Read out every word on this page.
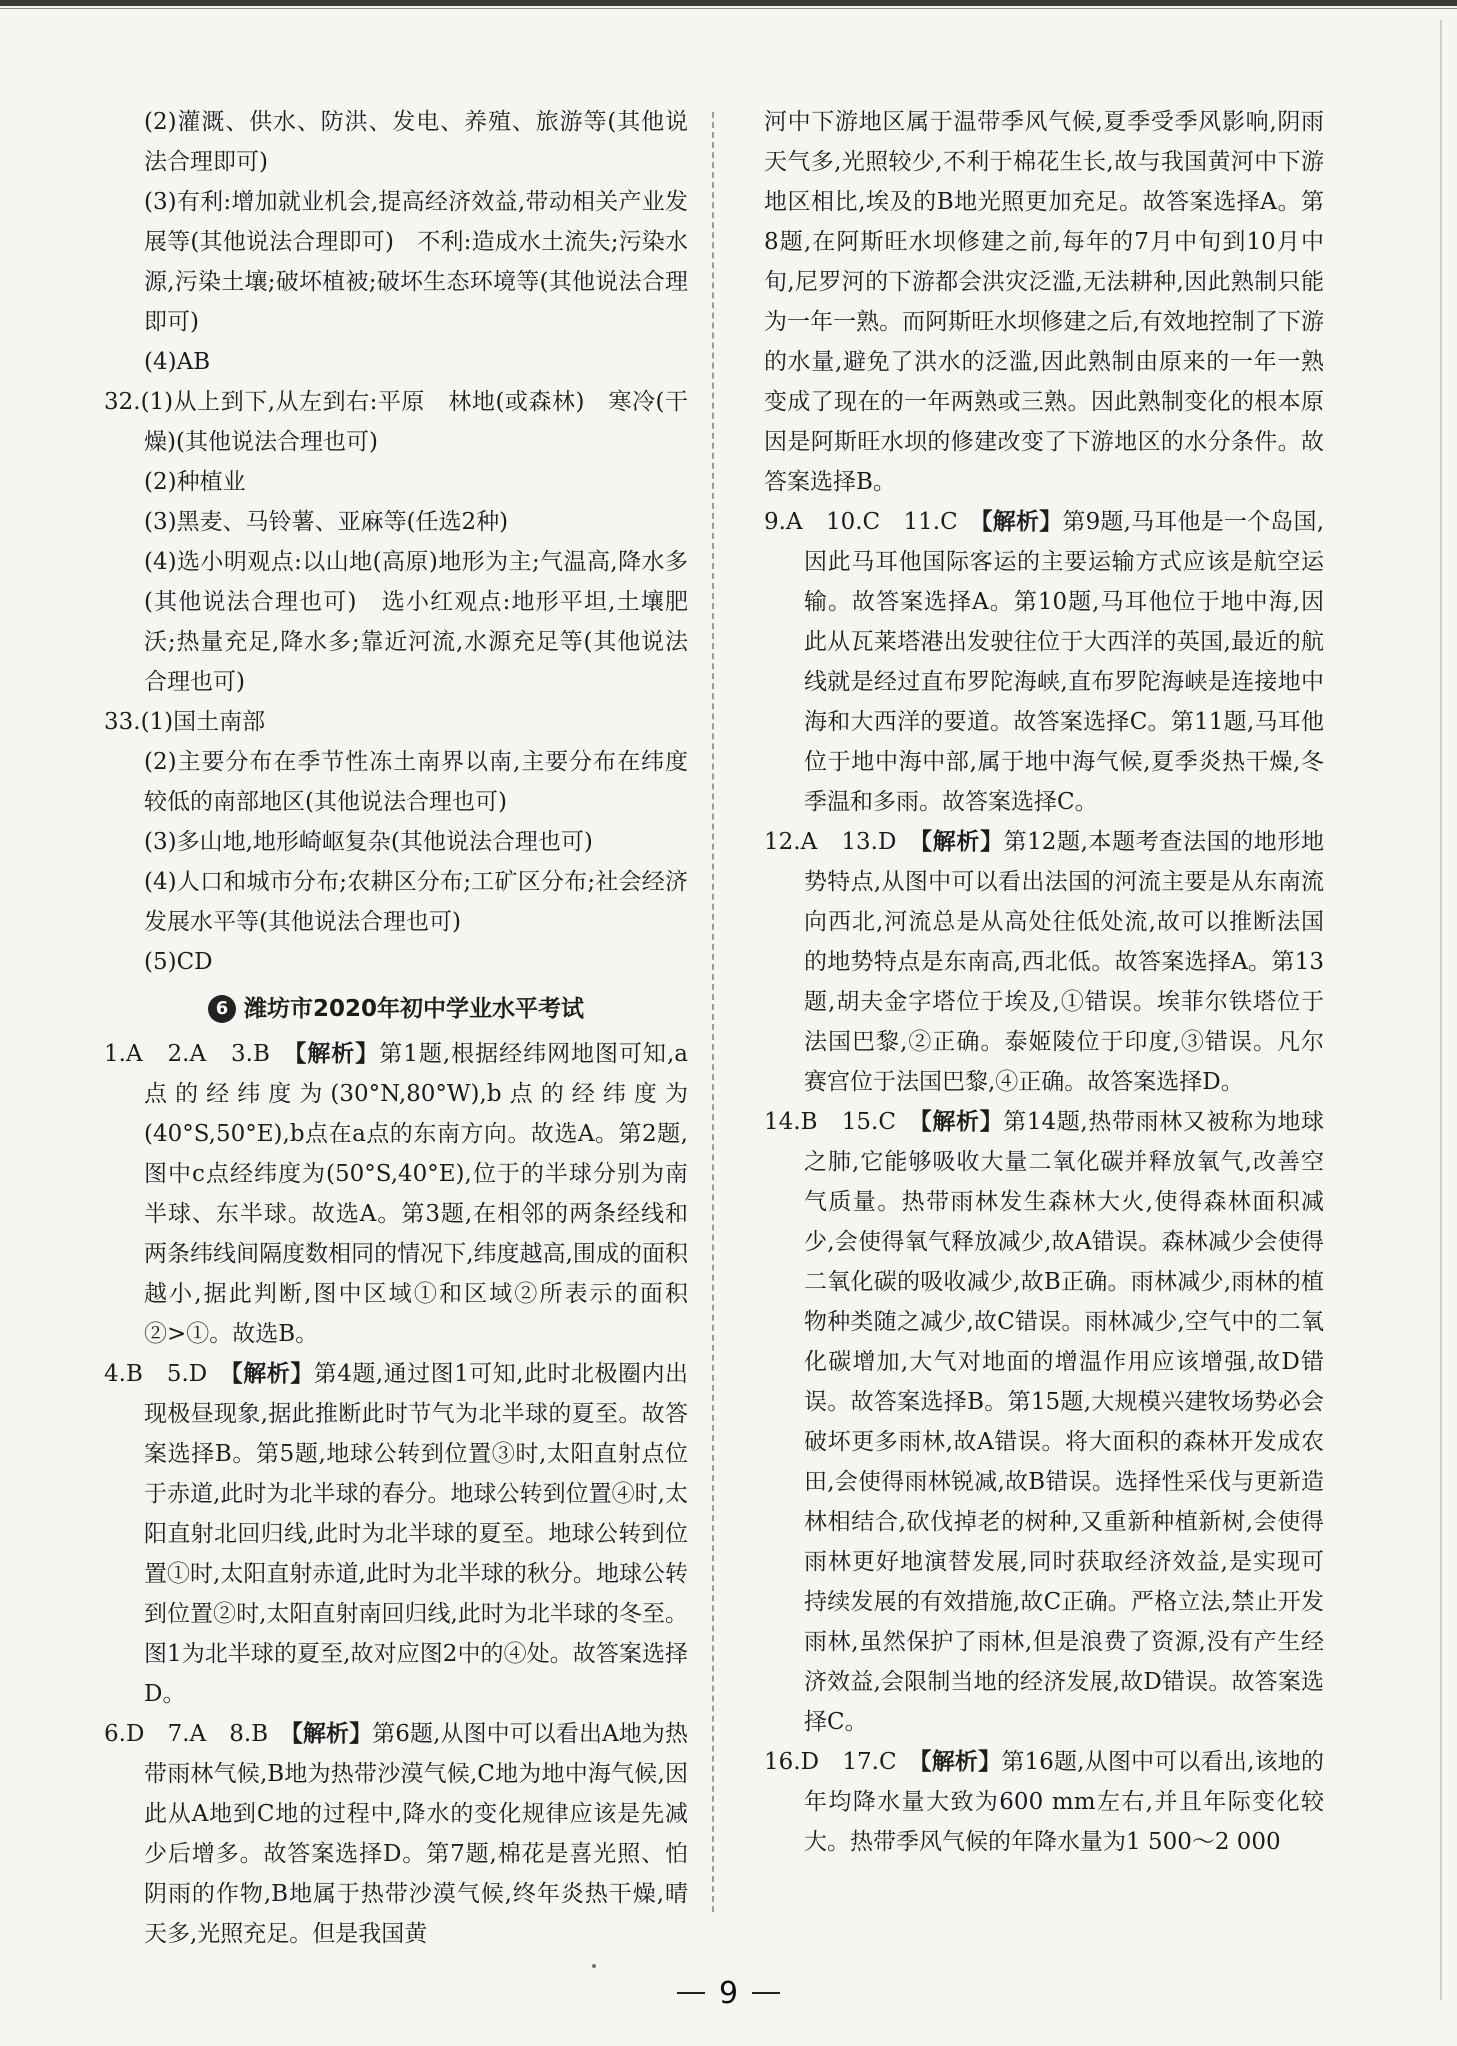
(2)灌溉、供水、防洪、发电、养殖、旅游等(其他说法合理即可)

(3)有利:增加就业机会,提高经济效益,带动相关产业发展等(其他说法合理即可)　不利:造成水土流失;污染水源,污染土壤;破坏植被;破坏生态环境等(其他说法合理即可)

(4)AB

32.(1)从上到下,从左到右:平原　林地(或森林)　寒冷(干燥)(其他说法合理也可)

(2)种植业

(3)黑麦、马铃薯、亚麻等(任选2种)

(4)选小明观点:以山地(高原)地形为主;气温高,降水多(其他说法合理也可)　选小红观点:地形平坦,土壤肥沃;热量充足,降水多;靠近河流,水源充足等(其他说法合理也可)

33.(1)国土南部

(2)主要分布在季节性冻土南界以南,主要分布在纬度较低的南部地区(其他说法合理也可)

(3)多山地,地形崎岖复杂(其他说法合理也可)

(4)人口和城市分布;农耕区分布;工矿区分布;社会经济发展水平等(其他说法合理也可)

(5)CD

6 潍坊市2020年初中学业水平考试

1.A　2.A　3.B　【解析】第1题,根据经纬网地图可知,a点的经纬度为(30°N,80°W),b点的经纬度为(40°S,50°E),b点在a点的东南方向。故选A。第2题,图中c点经纬度为(50°S,40°E),位于的半球分别为南半球、东半球。故选A。第3题,在相邻的两条经线和两条纬线间隔度数相同的情况下,纬度越高,围成的面积越小,据此判断,图中区域①和区域②所表示的面积②>①。故选B。

4.B　5.D　【解析】第4题,通过图1可知,此时北极圈内出现极昼现象,据此推断此时节气为北半球的夏至。故答案选择B。第5题,地球公转到位置③时,太阳直射点位于赤道,此时为北半球的春分。地球公转到位置④时,太阳直射北回归线,此时为北半球的夏至。地球公转到位置①时,太阳直射赤道,此时为北半球的秋分。地球公转到位置②时,太阳直射南回归线,此时为北半球的冬至。图1为北半球的夏至,故对应图2中的④处。故答案选择D。

6.D　7.A　8.B　【解析】第6题,从图中可以看出A地为热带雨林气候,B地为热带沙漠气候,C地为地中海气候,因此从A地到C地的过程中,降水的变化规律应该是先减少后增多。故答案选择D。第7题,棉花是喜光照、怕阴雨的作物,B地属于热带沙漠气候,终年炎热干燥,晴天多,光照充足。但是我国黄

河中下游地区属于温带季风气候,夏季受季风影响,阴雨天气多,光照较少,不利于棉花生长,故与我国黄河中下游地区相比,埃及的B地光照更加充足。故答案选择A。第8题,在阿斯旺水坝修建之前,每年的7月中旬到10月中旬,尼罗河的下游都会洪灾泛滥,无法耕种,因此熟制只能为一年一熟。而阿斯旺水坝修建之后,有效地控制了下游的水量,避免了洪水的泛滥,因此熟制由原来的一年一熟变成了现在的一年两熟或三熟。因此熟制变化的根本原因是阿斯旺水坝的修建改变了下游地区的水分条件。故答案选择B。

9.A　10.C　11.C　【解析】第9题,马耳他是一个岛国,因此马耳他国际客运的主要运输方式应该是航空运输。故答案选择A。第10题,马耳他位于地中海,因此从瓦莱塔港出发驶往位于大西洋的英国,最近的航线就是经过直布罗陀海峡,直布罗陀海峡是连接地中海和大西洋的要道。故答案选择C。第11题,马耳他位于地中海中部,属于地中海气候,夏季炎热干燥,冬季温和多雨。故答案选择C。

12.A　13.D　【解析】第12题,本题考查法国的地形地势特点,从图中可以看出法国的河流主要是从东南流向西北,河流总是从高处往低处流,故可以推断法国的地势特点是东南高,西北低。故答案选择A。第13题,胡夫金字塔位于埃及,①错误。埃菲尔铁塔位于法国巴黎,②正确。泰姬陵位于印度,③错误。凡尔赛宫位于法国巴黎,④正确。故答案选择D。

14.B　15.C　【解析】第14题,热带雨林又被称为地球之肺,它能够吸收大量二氧化碳并释放氧气,改善空气质量。热带雨林发生森林大火,使得森林面积减少,会使得氧气释放减少,故A错误。森林减少会使得二氧化碳的吸收减少,故B正确。雨林减少,雨林的植物种类随之减少,故C错误。雨林减少,空气中的二氧化碳增加,大气对地面的增温作用应该增强,故D错误。故答案选择B。第15题,大规模兴建牧场势必会破坏更多雨林,故A错误。将大面积的森林开发成农田,会使得雨林锐减,故B错误。选择性采伐与更新造林相结合,砍伐掉老的树种,又重新种植新树,会使得雨林更好地演替发展,同时获取经济效益,是实现可持续发展的有效措施,故C正确。严格立法,禁止开发雨林,虽然保护了雨林,但是浪费了资源,没有产生经济效益,会限制当地的经济发展,故D错误。故答案选择C。

16.D　17.C　【解析】第16题,从图中可以看出,该地的年均降水量大致为600 mm左右,并且年际变化较大。热带季风气候的年降水量为1 500～2 000

9
